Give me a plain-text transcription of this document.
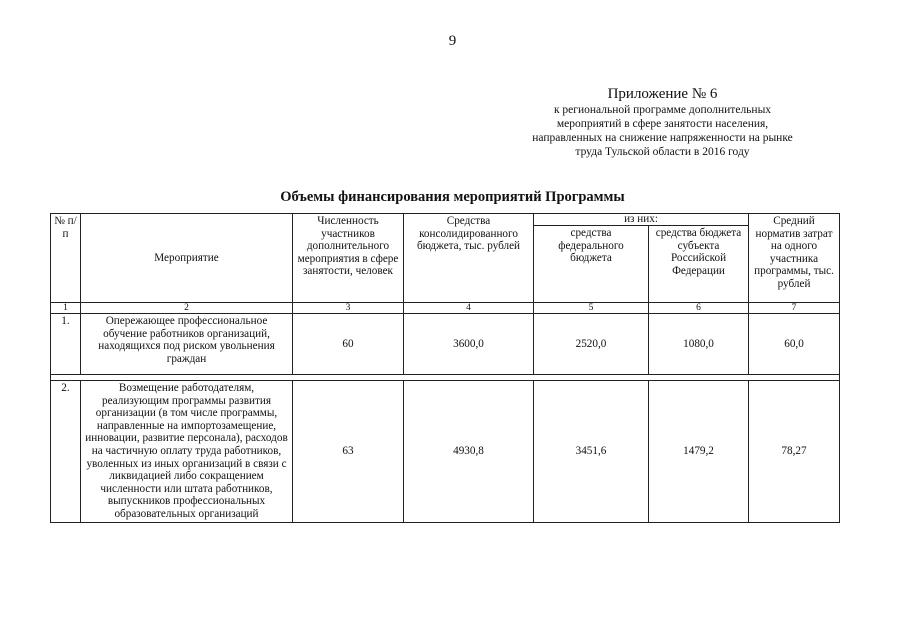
9
Приложение № 6
к региональной программе дополнительных
мероприятий в сфере занятости населения,
направленных на снижение напряженности на рынке
труда Тульской области в 2016 году
Объемы финансирования мероприятий Программы
№ п/п	Мероприятие	Численность участников дополнительного мероприятия в сфере занятости, человек	Средства консолидированного бюджета, тыс. рублей	из них:		Средний норматив затрат на одного участника программы, тыс. рублей
				средства федерального бюджета	средства бюджета субъекта Российской Федерации	
1	2	3	4	5	6	7
1.	Опережающее профессиональное обучение работников организаций, находящихся под риском увольнения граждан	60	3600,0	2520,0	1080,0	60,0

2.	Возмещение работодателям, реализующим программы развития организации (в том числе программы, направленные на импортозамещение, инновации, развитие персонала), расходов на частичную оплату труда работников, уволенных из иных организаций в связи с ликвидацией либо сокращением численности или штата работников, выпускников профессиональных образовательных организаций	63	4930,8	3451,6	1479,2	78,27
